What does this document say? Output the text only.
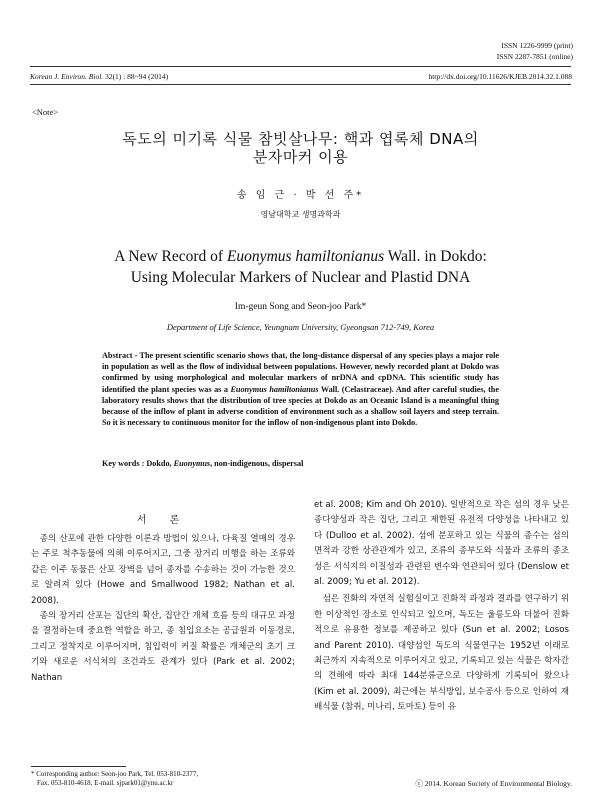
ISSN 1226-9999 (print)
ISSN 2287-7851 (online)
Korean J. Environ. Biol. 32(1) : 88~94 (2014)	http://dx.doi.org/10.11626/KJEB.2014.32.1.088
<Note>
독도의 미기록 식물 참빗살나무: 핵과 엽록체 DNA의
분자마커 이용
송 임 근 · 박 선 주*
영남대학교 생명과학과
A New Record of Euonymus hamiltonianus Wall. in Dokdo:
Using Molecular Markers of Nuclear and Plastid DNA
Im-geun Song and Seon-joo Park*
Department of Life Science, Yeungnam University, Gyeongsan 712-749, Korea
Abstract - The present scientific scenario shows that, the long-distance dispersal of any species plays a major role in population as well as the flow of individual between populations. However, newly recorded plant at Dokdo was confirmed by using morphological and molecular markers of nrDNA and cpDNA. This scientific study has identified the plant species was as a Euonymus hamiltonianus Wall. (Celastraceae). And after careful studies, the laboratory results shows that the distribution of tree species at Dokdo as an Oceanic Island is a meaningful thing because of the inflow of plant in adverse condition of environment such as a shallow soil layers and steep terrain. So it is necessary to continuous monitor for the inflow of non-indigenous plant into Dokdo.
Key words : Dokdo, Euonymus, non-indigenous, dispersal
서 론

종의 산포에 관한 다양한 이론과 방법이 있으나, 다육질 열매의 경우는 주로 척추동물에 의해 이루어지고, 그중 장거리 비행을 하는 조류와 같은 이주 동물은 산포 장벽을 넘어 종자를 수송하는 것이 가능한 것으로 알려져 있다 (Howe and Smallwood 1982; Nathan et al. 2008).

종의 장거리 산포는 집단의 확산, 집단간 개체 흐름 등의 대규모 과정을 결정하는데 중요한 역할을 하고, 종 침입요소는 공급원과 이동경로, 그리고 정착지로 이루어지며, 침입력이 커질 확률은 개체군의 초기 크기와 새로운 서식처의 조건과도 관계가 있다 (Park et al. 2002; Nathan

et al. 2008; Kim and Oh 2010). 일반적으로 작은 섬의 경우 낮은 종다양성과 작은 집단, 그리고 제한된 유전적 다양성을 나타내고 있다 (Dulloo et al. 2002). 섬에 분포하고 있는 식물의 종수는 섬의 면적과 강한 상관관계가 있고, 조류의 종부도와 식물과 조류의 종조성은 서식지의 이질성과 관련된 변수와 연관되어 있다 (Denslow et al. 2009; Yu et al. 2012).

섬은 진화의 자연적 실험실이고 진화적 과정과 결과를 연구하기 위한 이상적인 장소로 인식되고 있으며, 독도는 울릉도와 더불어 진화적으로 유용한 정보를 제공하고 있다 (Sun et al. 2002; Losos and Parent 2010). 대양섬인 독도의 식물연구는 1952년 이래로 최근까지 지속적으로 이루어지고 있고, 기록되고 있는 식물은 학자간의 견해에 따라 최대 144분류군으로 다양하게 기록되어 왔으나 (Kim et al. 2009), 최근에는 부식방입, 보수공사 등으로 인하여 재배식물 (참취, 미나리, 토마토) 등이 유

* Corresponding author: Seon-joo Park, Tel. 053-810-2377,
Fax. 053-810-4618, E-mail. sjpark01@ynu.ac.kr	ⓒ 2014. Korean Society of Environmental Biology.
